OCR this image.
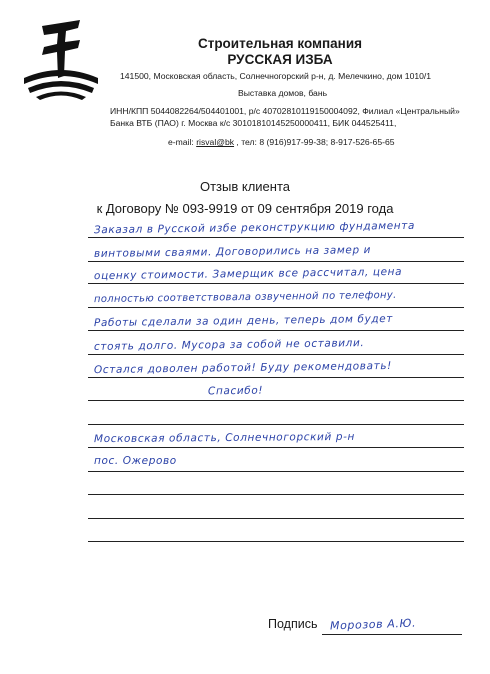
Строительная компания
РУССКАЯ ИЗБА
141500, Московская область, Солнечногорский р-н, д. Мелечкино, дом 1010/1
Выставка домов, бань
ИНН/КПП 5044082264/504401001, р/с 40702810119150004092, Филиал «Центральный»
Банка ВТБ (ПАО) г. Москва к/с 30101810145250000411, БИК 044525411,
e-mail: risval@bk , тел: 8 (916)917-99-38; 8-917-526-65-65
Отзыв клиента
к Договору № 093-9919 от 09 сентября 2019 года
Заказал в Русской избе реконструкцию фундамента
винтовыми сваями. Договорились на замер и
оценку стоимости. Замерщик все рассчитал, цена
полностью соответствовала озвученной по телефону.
Работы сделали за один день, теперь дом будет
стоять долго. Мусора за собой не оставили.
Остался доволен работой! Буду рекомендовать!
Спасибо!
Московская область, Солнечногорский р-н
пос. Ожерово
Подпись Морозов А.Ю.
